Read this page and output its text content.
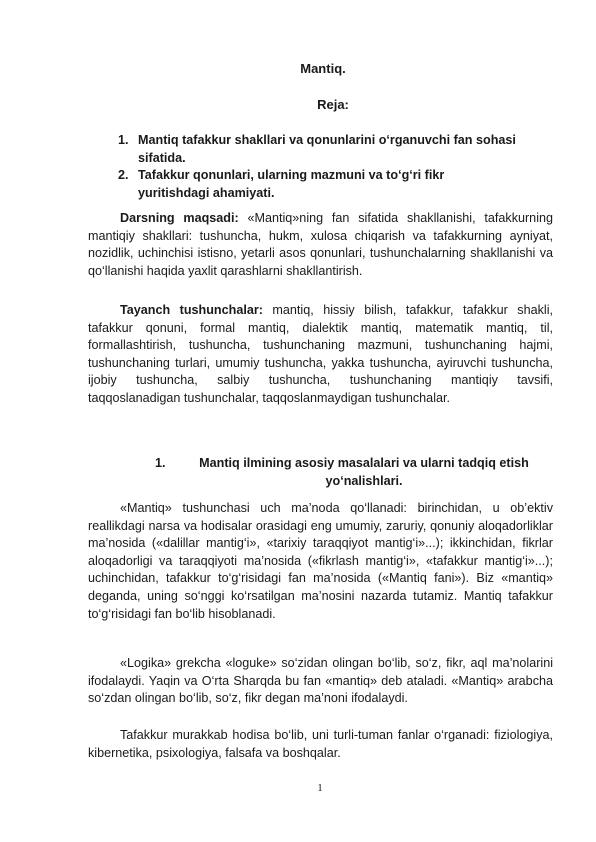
Mantiq.
Reja:
1. Mantiq tafakkur shakllari va qonunlarini o‘rganuvchi fan sohasi sifatida.
2. Tafakkur qonunlari, ularning mazmuni va to‘g‘ri fikr yuritishdagi ahamiyati.

Darsning maqsadi: «Mantiq»ning fan sifatida shakllanishi, tafakkurning mantiqiy shakllari: tushuncha, hukm, xulosa chiqarish va tafakkurning ayniyat, nozidlik, uchinchisi istisno, yetarli asos qonunlari, tushunchalarning shakllanishi va qo‘llanishi haqida yaxlit qarashlarni shakllantirish.

Tayanch tushunchalar: mantiq, hissiy bilish, tafakkur, tafakkur shakli, tafakkur qonuni, formal mantiq, dialektik mantiq, matematik mantiq, til, formallashtirish, tushuncha, tushunchaning mazmuni, tushunchaning hajmi, tushunchaning turlari, umumiy tushuncha, yakka tushuncha, ayiruvchi tushuncha, ijobiy tushuncha, salbiy tushuncha, tushunchaning mantiqiy tavsifi, taqqoslanadigan tushunchalar, taqqoslanmaydigan tushunchalar.

1.	Mantiq ilmining asosiy masalalari va ularni tadqiq etish yo‘nalishlari.

«Mantiq» tushunchasi uch ma’noda qo‘llanadi: birinchidan, u ob’ektiv reallikdagi narsa va hodisalar orasidagi eng umumiy, zaruriy, qonuniy aloqadorliklar ma’nosida («dalillar mantig‘i», «tarixiy taraqqiyot mantig‘i»...); ikkinchidan, fikrlar aloqadorligi va taraqqiyoti ma’nosida («fikrlash mantig‘i», «tafakkur mantig‘i»...); uchinchidan, tafakkur to‘g‘risidagi fan ma’nosida («Mantiq fani»). Biz «mantiq» deganda, uning so‘nggi ko‘rsatilgan ma’nosini nazarda tutamiz. Mantiq tafakkur to‘g‘risidagi fan bo‘lib hisoblanadi.

«Logika» grekcha «loguke» so‘zidan olingan bo‘lib, so‘z, fikr, aql ma’nolarini ifodalaydi. Yaqin va O‘rta Sharqda bu fan «mantiq» deb ataladi. «Mantiq» arabcha so‘zdan olingan bo‘lib, so‘z, fikr degan ma’noni ifodalaydi.

Tafakkur murakkab hodisa bo‘lib, uni turli-tuman fanlar o‘rganadi: fiziologiya, kibernetika, psixologiya, falsafa va boshqalar.

1
